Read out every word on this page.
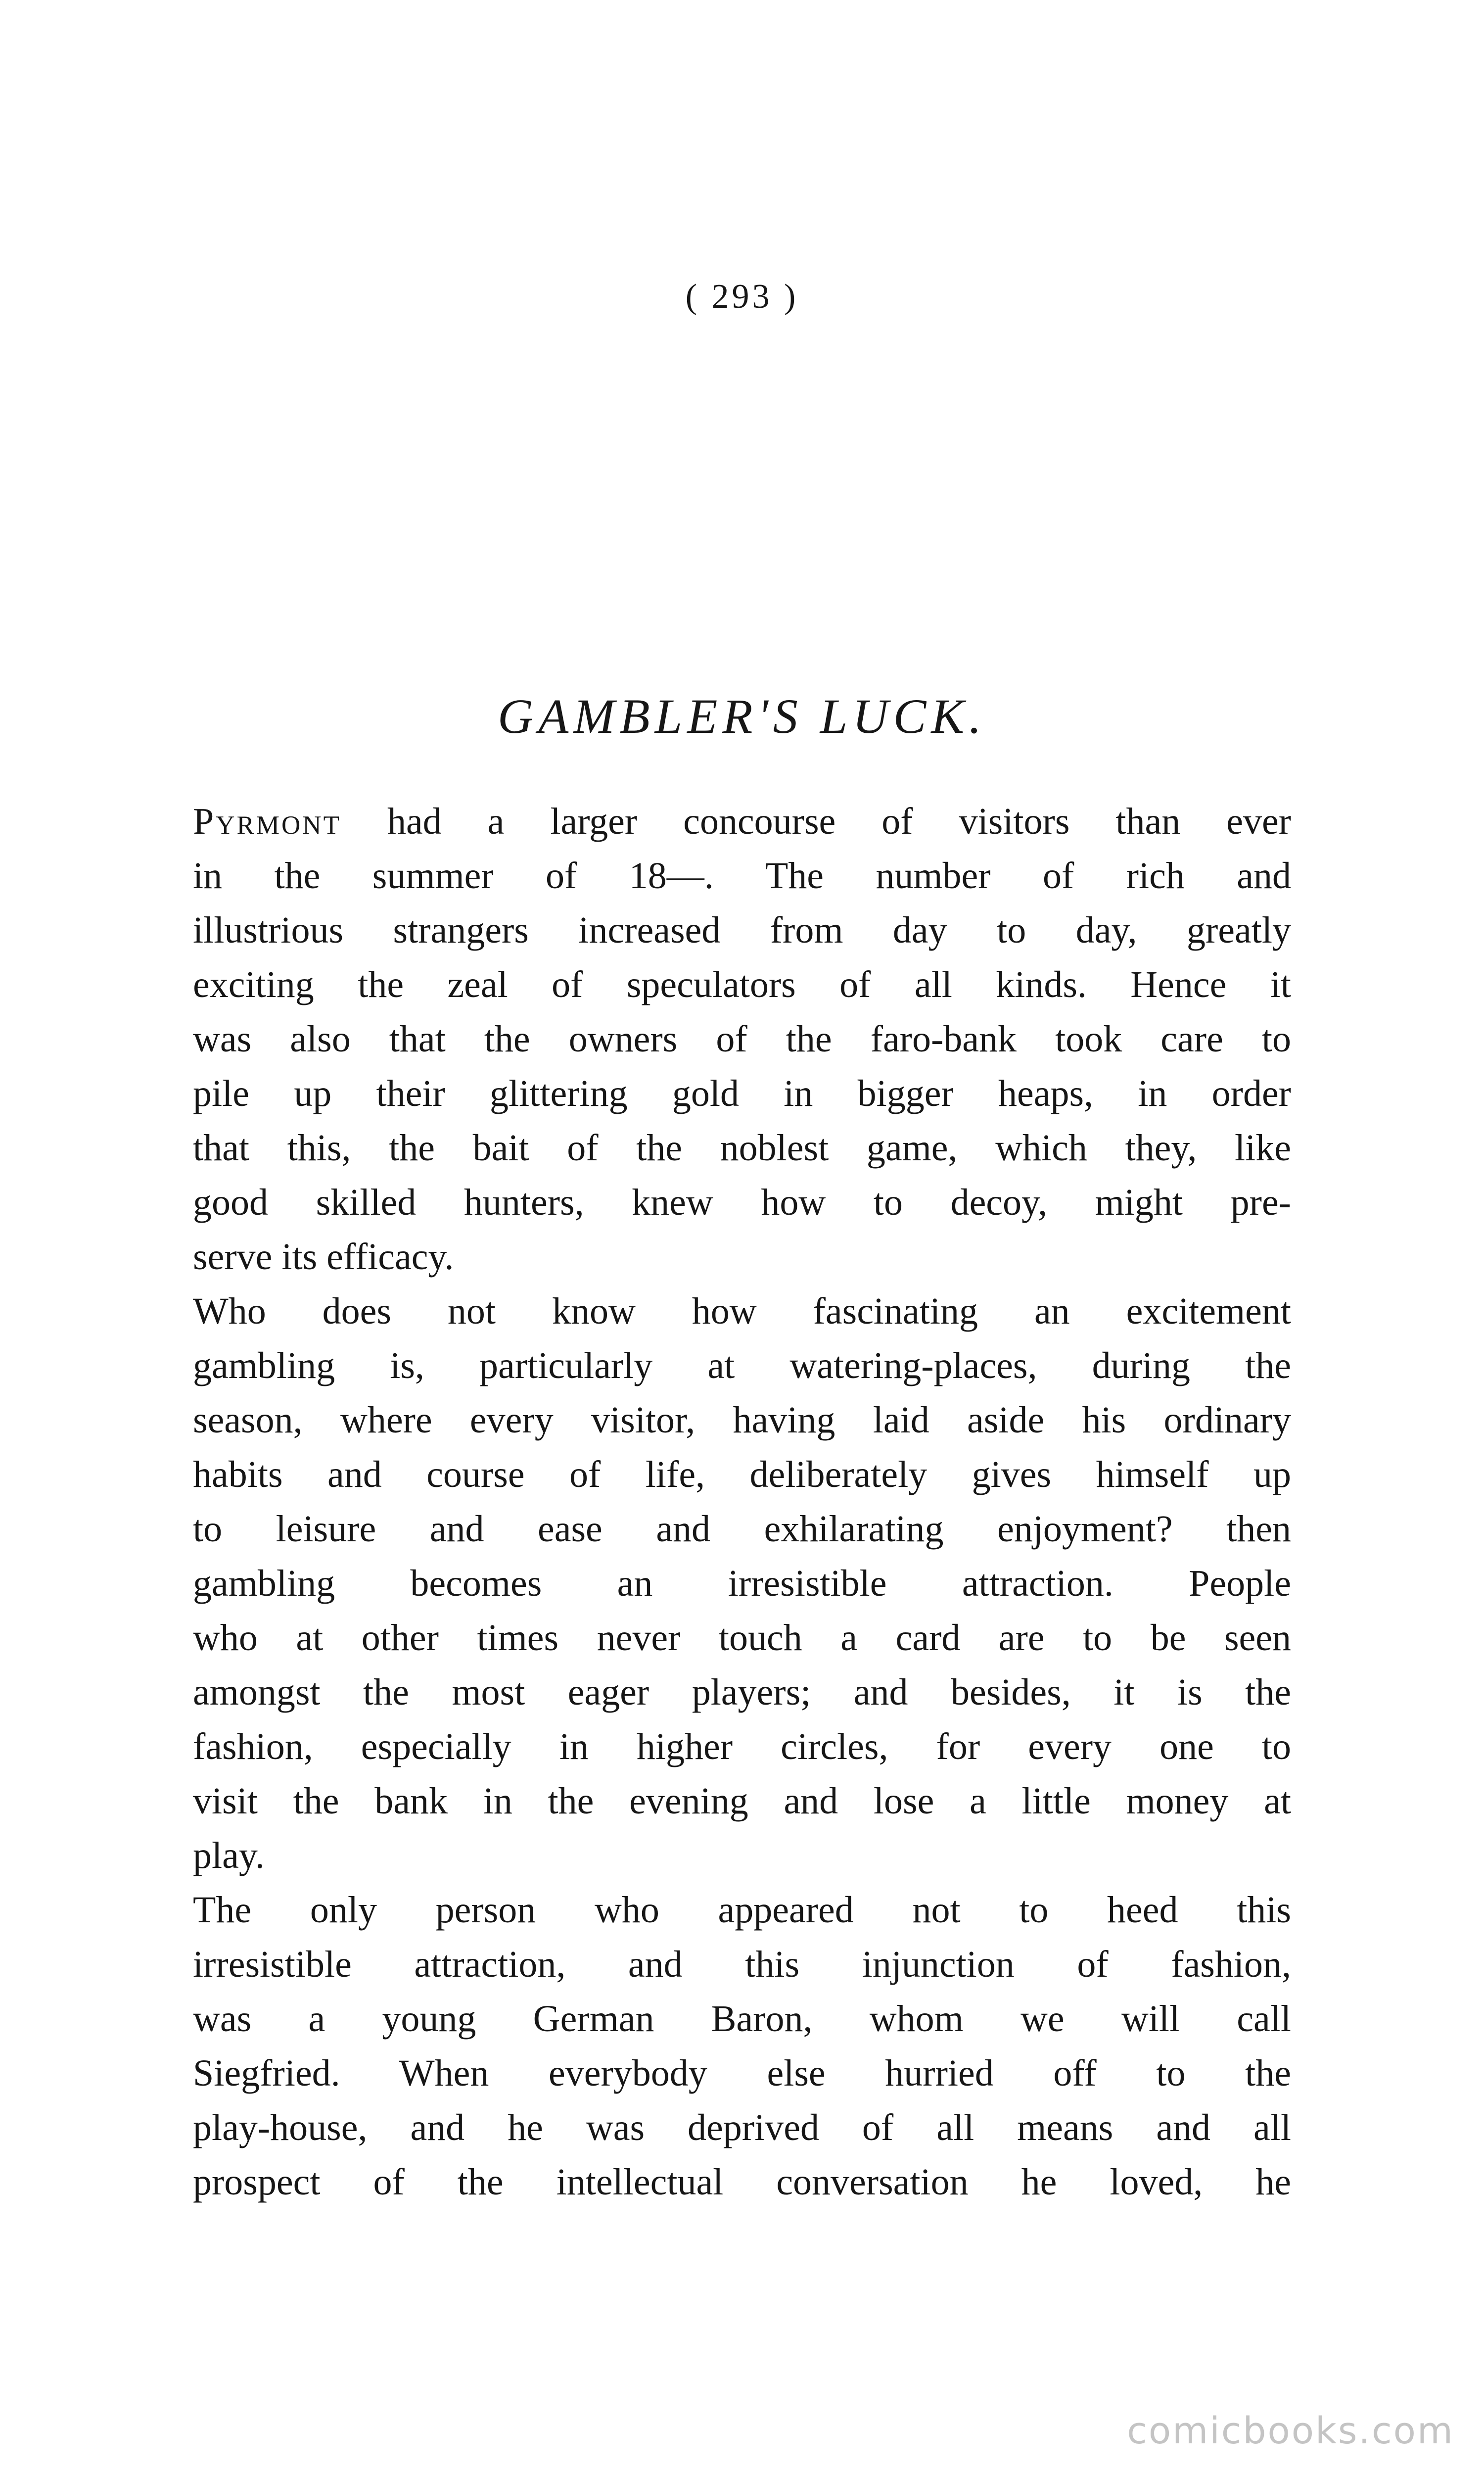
( 293 )
GAMBLER'S LUCK.
Pyrmont had a larger concourse of visitors than ever
in the summer of 18—. The number of rich and
illustrious strangers increased from day to day, greatly
exciting the zeal of speculators of all kinds. Hence it
was also that the owners of the faro-bank took care to
pile up their glittering gold in bigger heaps, in order
that this, the bait of the noblest game, which they, like
good skilled hunters, knew how to decoy, might pre-
serve its efficacy.
Who does not know how fascinating an excitement
gambling is, particularly at watering-places, during the
season, where every visitor, having laid aside his ordinary
habits and course of life, deliberately gives himself up
to leisure and ease and exhilarating enjoyment? then
gambling becomes an irresistible attraction. People
who at other times never touch a card are to be seen
amongst the most eager players; and besides, it is the
fashion, especially in higher circles, for every one to
visit the bank in the evening and lose a little money at
play.
The only person who appeared not to heed this
irresistible attraction, and this injunction of fashion,
was a young German Baron, whom we will call
Siegfried. When everybody else hurried off to the
play-house, and he was deprived of all means and all
prospect of the intellectual conversation he loved, he
comicbooks.com
